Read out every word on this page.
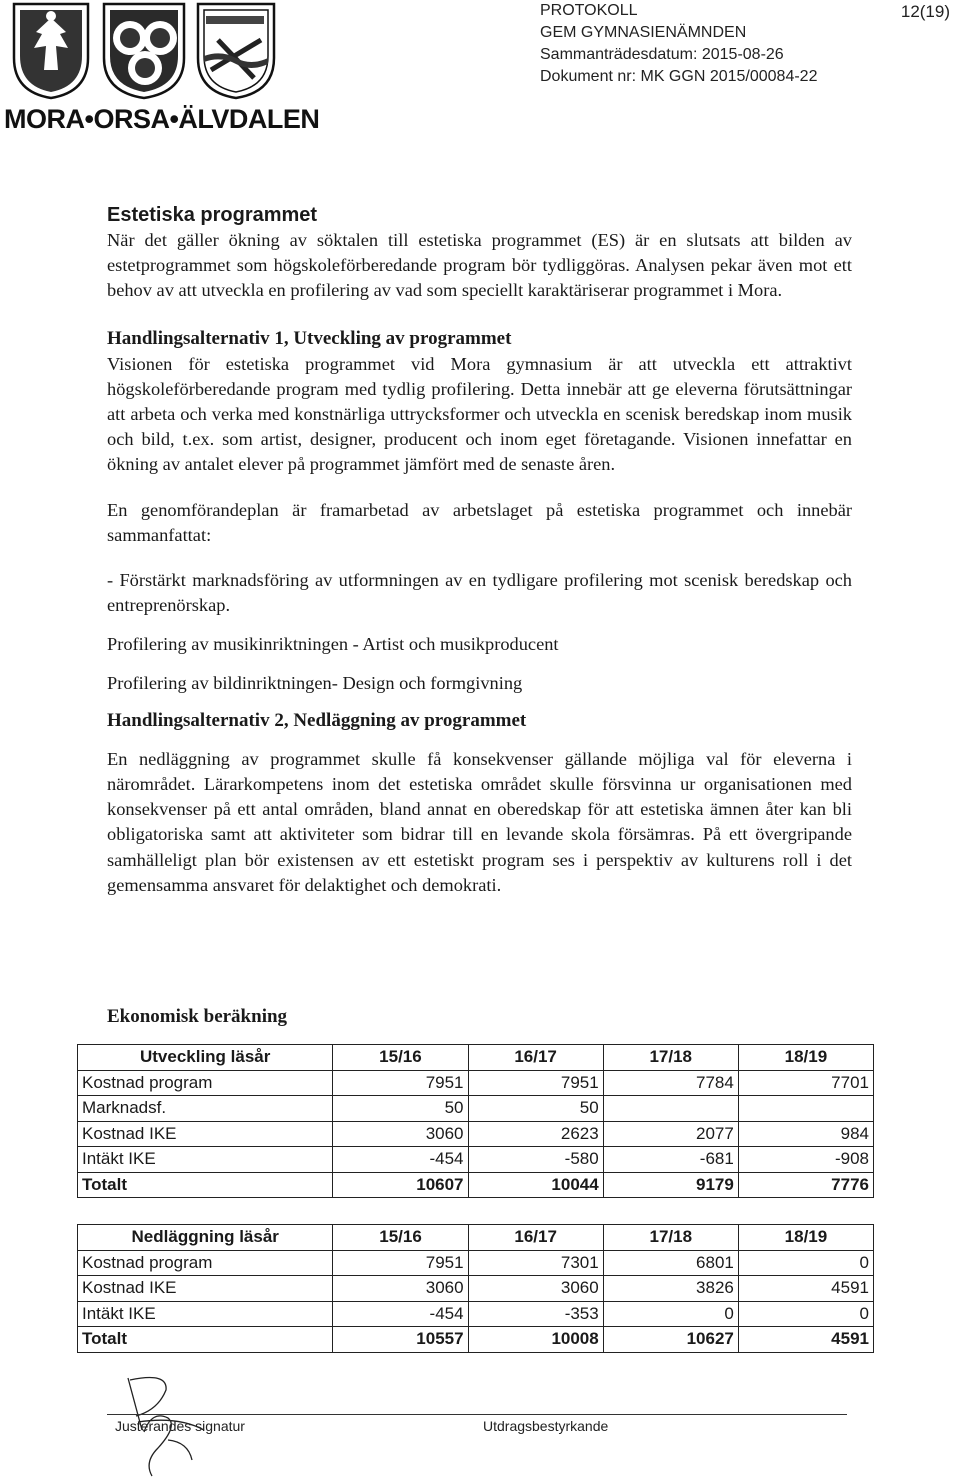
MORA•ORSA•ÄLVDALEN
PROTOKOLL
GEM GYMNASIENÄMNDEN
Sammanträdesdatum: 2015-08-26
Dokument nr: MK GGN 2015/00084-22
12(19)
Estetiska programmet

När det gäller ökning av söktalen till estetiska programmet (ES) är en slutsats att bilden av estetprogrammet som högskoleförberedande program bör tydliggöras. Analysen pekar även mot ett behov av att utveckla en profilering av vad som speciellt karaktäriserar programmet i Mora.

Handlingsalternativ 1, Utveckling av programmet

Visionen för estetiska programmet vid Mora gymnasium är att utveckla ett attraktivt högskoleförberedande program med tydlig profilering. Detta innebär att ge eleverna förutsättningar att arbeta och verka med konstnärliga uttrycksformer och utveckla en scenisk beredskap inom musik och bild, t.ex. som artist, designer, producent och inom eget företagande. Visionen innefattar en ökning av antalet elever på programmet jämfört med de senaste åren.

En genomförandeplan är framarbetad av arbetslaget på estetiska programmet och innebär sammanfattat:

- Förstärkt marknadsföring av utformningen av en tydligare profilering mot scenisk beredskap och entreprenörskap.

Profilering av musikinriktningen - Artist och musikproducent

Profilering av bildinriktningen- Design och formgivning

Handlingsalternativ 2, Nedläggning av programmet

En nedläggning av programmet skulle få konsekvenser gällande möjliga val för eleverna i närområdet. Lärarkompetens inom det estetiska området skulle försvinna ur organisationen med konsekvenser på ett antal områden, bland annat en oberedskap för att estetiska ämnen åter kan bli obligatoriska samt att aktiviteter som bidrar till en levande skola försämras. På ett övergripande samhälleligt plan bör existensen av ett estetiskt program ses i perspektiv av kulturens roll i det gemensamma ansvaret för delaktighet och demokrati.

Ekonomisk beräkning
Utveckling läsår	15/16	16/17	17/18	18/19
Kostnad program	7951	7951	7784	7701
Marknadsf.	50	50		
Kostnad IKE	3060	2623	2077	984
Intäkt IKE	-454	-580	-681	-908
Totalt	10607	10044	9179	7776
Nedläggning läsår	15/16	16/17	17/18	18/19
Kostnad program	7951	7301	6801	0
Kostnad IKE	3060	3060	3826	4591
Intäkt IKE	-454	-353	0	0
Totalt	10557	10008	10627	4591
Justerandes signatur	Utdragsbestyrkande
